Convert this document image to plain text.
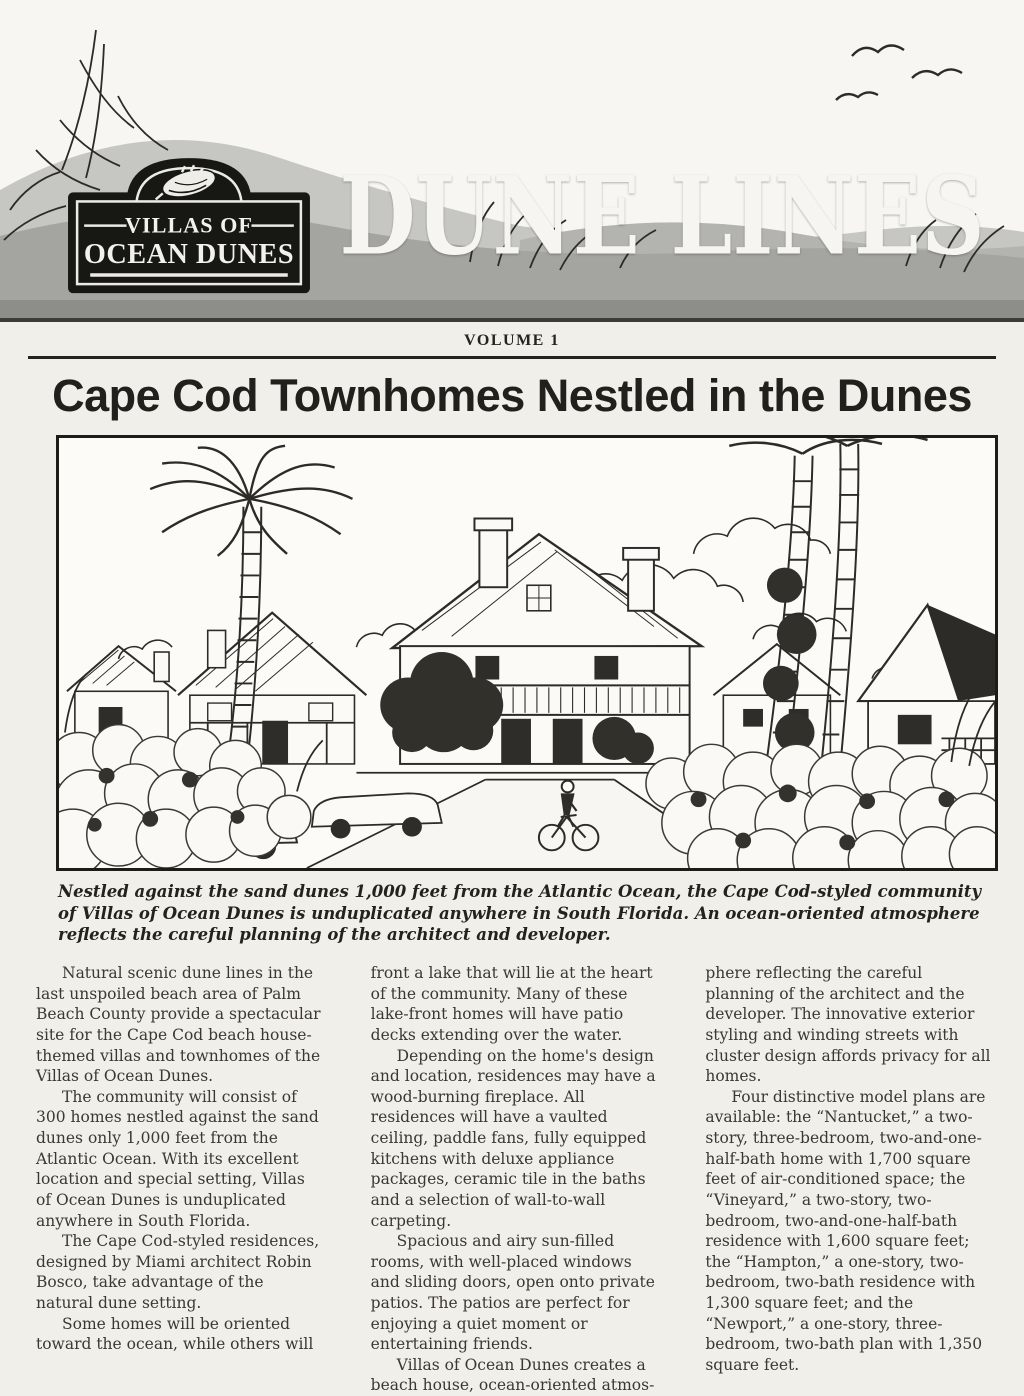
VILLAS OF
OCEAN DUNES DUNE LINES
VOLUME 1
Cape Cod Townhomes Nestled in the Dunes
Nestled against the sand dunes 1,000 feet from the Atlantic Ocean, the Cape Cod-styled community of Villas of Ocean Dunes is unduplicated anywhere in South Florida. An ocean-oriented atmosphere reflects the careful planning of the architect and developer.

Natural scenic dune lines in the last unspoiled beach area of Palm Beach County provide a spectacular site for the Cape Cod beach house-themed villas and townhomes of the Villas of Ocean Dunes.

The community will consist of 300 homes nestled against the sand dunes only 1,000 feet from the Atlantic Ocean. With its excellent location and special setting, Villas of Ocean Dunes is unduplicated anywhere in South Florida.

The Cape Cod-styled residences, designed by Miami architect Robin Bosco, take advantage of the natural dune setting.

Some homes will be oriented toward the ocean, while others will

front a lake that will lie at the heart of the community. Many of these lake-front homes will have patio decks extending over the water.

Depending on the home's design and location, residences may have a wood-burning fireplace. All residences will have a vaulted ceiling, paddle fans, fully equipped kitchens with deluxe appliance packages, ceramic tile in the baths and a selection of wall-to-wall carpeting.

Spacious and airy sun-filled rooms, with well-placed windows and sliding doors, open onto private patios. The patios are perfect for enjoying a quiet moment or entertaining friends.

Villas of Ocean Dunes creates a beach house, ocean-oriented atmos-

phere reflecting the careful planning of the architect and the developer. The innovative exterior styling and winding streets with cluster design affords privacy for all homes.

Four distinctive model plans are available: the “Nantucket,” a two-story, three-bedroom, two-and-one-half-bath home with 1,700 square feet of air-conditioned space; the “Vineyard,” a two-story, two-bedroom, two-and-one-half-bath residence with 1,600 square feet; the “Hampton,” a one-story, two-bedroom, two-bath residence with 1,300 square feet; and the “Newport,” a one-story, three-bedroom, two-bath plan with 1,350 square feet.
